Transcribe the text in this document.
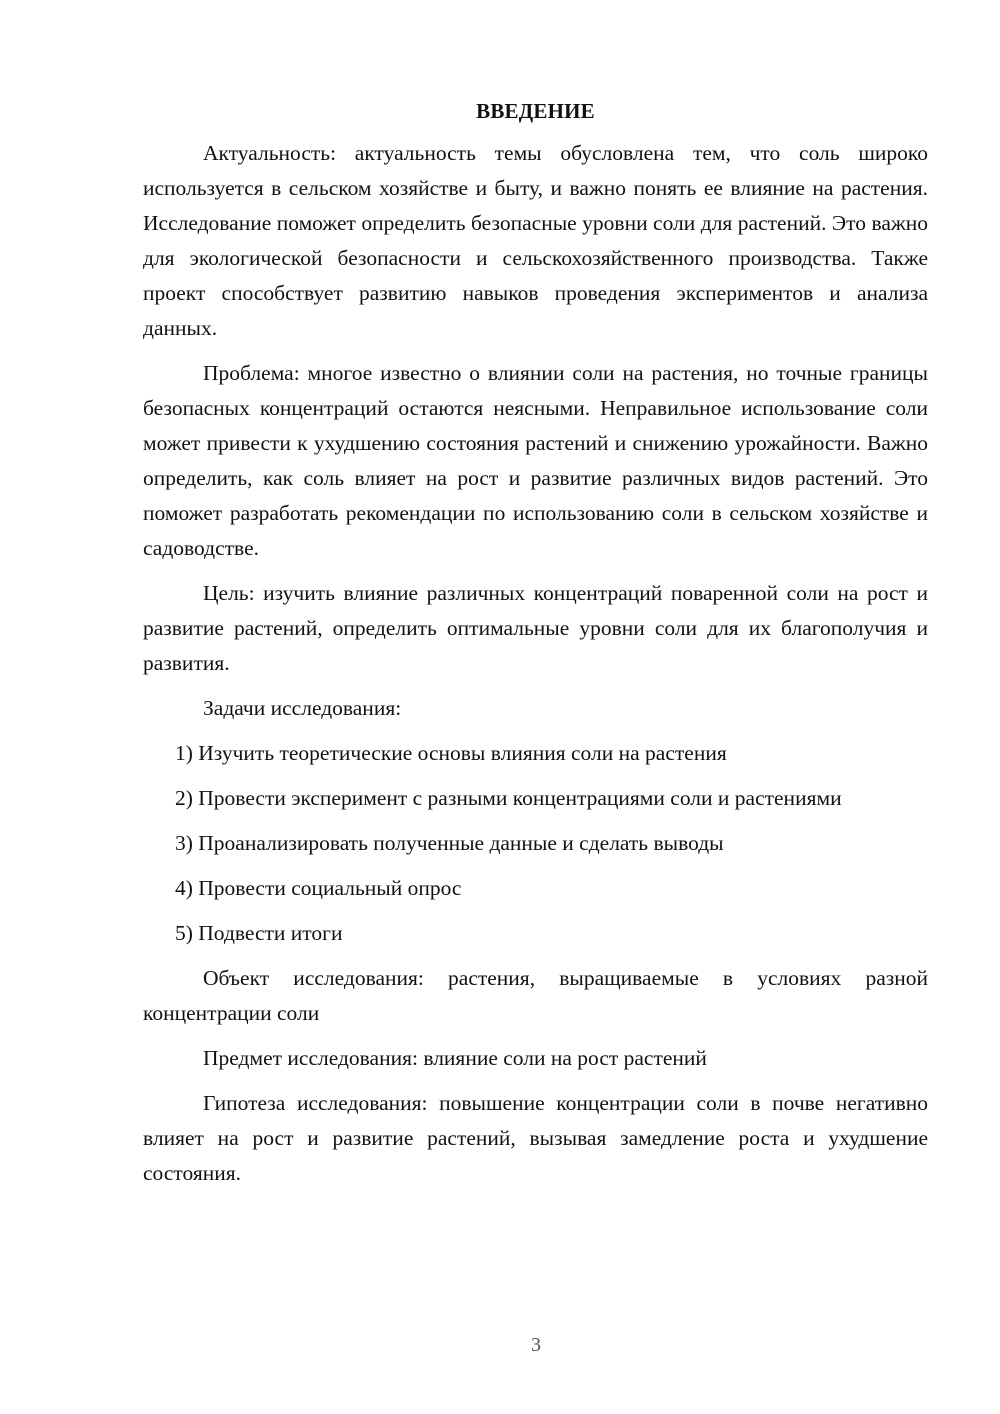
ВВЕДЕНИЕ

Актуальность: актуальность темы обусловлена тем, что соль широко используется в сельском хозяйстве и быту, и важно понять ее влияние на растения. Исследование поможет определить безопасные уровни соли для растений. Это важно для экологической безопасности и сельскохозяйственного производства. Также проект способствует развитию навыков проведения экспериментов и анализа данных.

Проблема: многое известно о влиянии соли на растения, но точные границы безопасных концентраций остаются неясными. Неправильное использование соли может привести к ухудшению состояния растений и снижению урожайности. Важно определить, как соль влияет на рост и развитие различных видов растений. Это поможет разработать рекомендации по использованию соли в сельском хозяйстве и садоводстве.

Цель: изучить влияние различных концентраций поваренной соли на рост и развитие растений, определить оптимальные уровни соли для их благополучия и развития.

Задачи исследования:

1) Изучить теоретические основы влияния соли на растения

2) Провести эксперимент с разными концентрациями соли и растениями

3) Проанализировать полученные данные и сделать выводы

4) Провести социальный опрос

5) Подвести итоги

Объект исследования: растения, выращиваемые в условиях разной концентрации соли

Предмет исследования: влияние соли на рост растений

Гипотеза исследования: повышение концентрации соли в почве негативно влияет на рост и развитие растений, вызывая замедление роста и ухудшение состояния.

3
